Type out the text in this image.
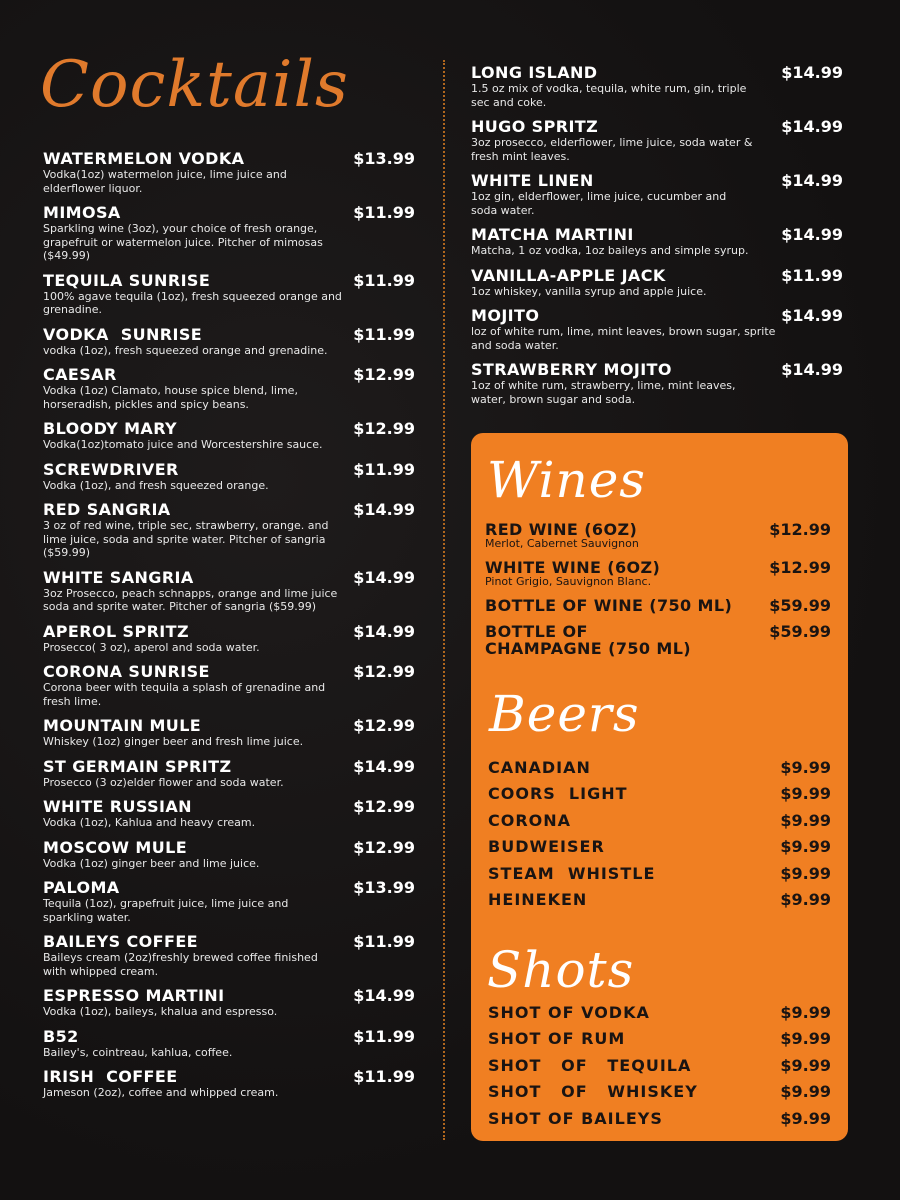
Cocktails
WATERMELON VODKA	$13.99
Vodka(1oz) watermelon juice, lime juice and elderflower liquor.
MIMOSA	$11.99
Sparkling wine (3oz), your choice of fresh orange, grapefruit or watermelon juice. Pitcher of mimosas ($49.99)
TEQUILA SUNRISE	$11.99
100% agave tequila (1oz), fresh squeezed orange and grenadine.
VODKA  SUNRISE	$11.99
vodka (1oz), fresh squeezed orange and grenadine.
CAESAR	$12.99
Vodka (1oz) Clamato, house spice blend, lime, horseradish, pickles and spicy beans.
BLOODY MARY	$12.99
Vodka(1oz)tomato juice and Worcestershire sauce.
SCREWDRIVER	$11.99
Vodka (1oz), and fresh squeezed orange.
RED SANGRIA	$14.99
3 oz of red wine, triple sec, strawberry, orange. and lime juice, soda and sprite water. Pitcher of sangria ($59.99)
WHITE SANGRIA	$14.99
3oz Prosecco, peach schnapps, orange and lime juice soda and sprite water. Pitcher of sangria ($59.99)
APEROL SPRITZ	$14.99
Prosecco( 3 oz), aperol and soda water.
CORONA SUNRISE	$12.99
Corona beer with tequila a splash of grenadine and fresh lime.
MOUNTAIN MULE	$12.99
Whiskey (1oz) ginger beer and fresh lime juice.
ST GERMAIN SPRITZ	$14.99
Prosecco (3 oz)elder flower and soda water.
WHITE RUSSIAN	$12.99
Vodka (1oz), Kahlua and heavy cream.
MOSCOW MULE	$12.99
Vodka (1oz) ginger beer and lime juice.
PALOMA	$13.99
Tequila (1oz), grapefruit juice, lime juice and sparkling water.
BAILEYS COFFEE	$11.99
Baileys cream (2oz)freshly brewed coffee finished with whipped cream.
ESPRESSO MARTINI	$14.99
Vodka (1oz), baileys, khalua and espresso.
B52	$11.99
Bailey's, cointreau, kahlua, coffee.
IRISH  COFFEE	$11.99
Jameson (2oz), coffee and whipped cream.
LONG ISLAND	$14.99
1.5 oz mix of vodka, tequila, white rum, gin, triple sec and coke.
HUGO SPRITZ	$14.99
3oz prosecco, elderflower, lime juice, soda water & fresh mint leaves.
WHITE LINEN	$14.99
1oz gin, elderflower, lime juice, cucumber and soda water.
MATCHA MARTINI	$14.99
Matcha, 1 oz vodka, 1oz baileys and simple syrup.
VANILLA-APPLE JACK	$11.99
1oz whiskey, vanilla syrup and apple juice.
MOJITO	$14.99
loz of white rum, lime, mint leaves, brown sugar, sprite and soda water.
STRAWBERRY MOJITO	$14.99
1oz of white rum, strawberry, lime, mint leaves, water, brown sugar and soda.
Wines
RED WINE (6OZ)	$12.99
Merlot, Cabernet Sauvignon
WHITE WINE (6OZ)	$12.99
Pinot Grigio, Sauvignon Blanc.
BOTTLE OF WINE (750 ML) $59.99
BOTTLE OF CHAMPAGNE (750 ML)
$59.99
Beers
CANADIAN	$9.99
COORS  LIGHT	$9.99
CORONA	$9.99
BUDWEISER	$9.99
STEAM  WHISTLE	$9.99
HEINEKEN	$9.99
Shots
SHOT OF VODKA	$9.99
SHOT OF RUM	$9.99
SHOT   OF   TEQUILA	$9.99
SHOT   OF   WHISKEY	$9.99
SHOT OF BAILEYS	$9.99
